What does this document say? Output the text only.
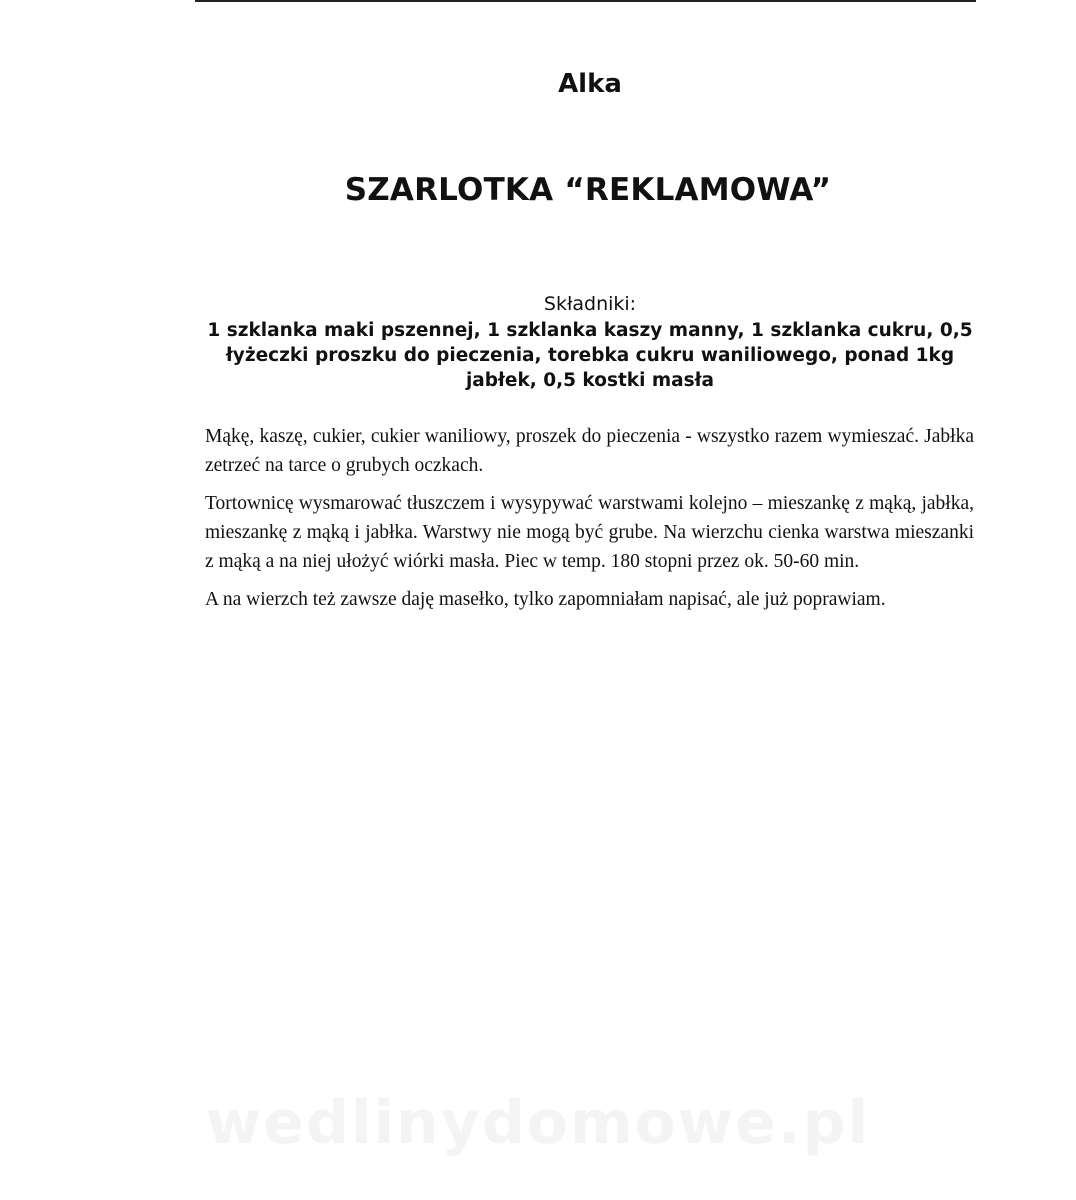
Alka
SZARLOTKA “REKLAMOWA”
Składniki:
1 szklanka maki pszennej, 1 szklanka kaszy manny, 1 szklanka cukru, 0,5
łyżeczki proszku do pieczenia, torebka cukru waniliowego, ponad 1kg
jabłek, 0,5 kostki masła

Mąkę, kaszę, cukier, cukier waniliowy, proszek do pieczenia - wszystko razem wymieszać. Jabłka zetrzeć na tarce o grubych oczkach.

Tortownicę wysmarować tłuszczem i wysypywać warstwami kolejno – mieszankę z mąką, jabłka, mieszankę z mąką i jabłka. Warstwy nie mogą być grube. Na wierzchu cienka warstwa mieszanki z mąką a na niej ułożyć wiórki masła. Piec w temp. 180 stopni przez ok. 50-60 min.

A na wierzch też zawsze daję masełko, tylko zapomniałam napisać, ale już poprawiam.

wedlinydomowe.pl
